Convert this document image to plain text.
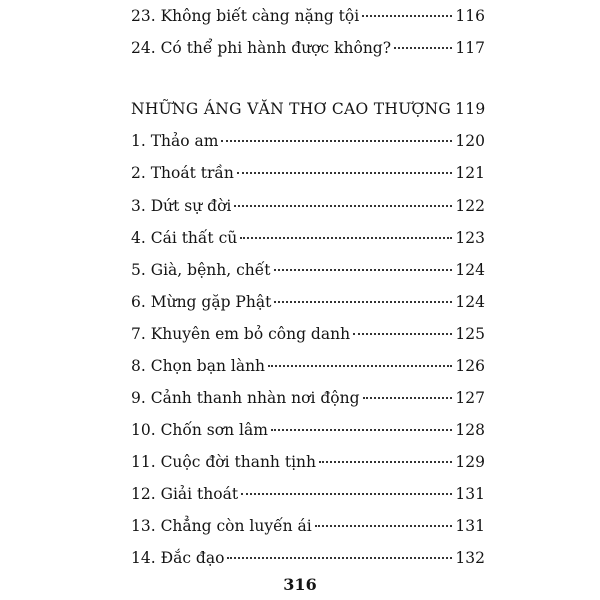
23. Không biết càng nặng tội	116
24. Có thể phi hành được không?	117
NHỮNG ÁNG VĂN THƠ CAO THƯỢNG 119
1. Thảo am	120
2. Thoát trần	121
3. Dứt sự đời	122
4. Cái thất cũ	123
5. Già, bệnh, chết	124
6. Mừng gặp Phật	124
7. Khuyên em bỏ công danh	125
8. Chọn bạn lành	126
9. Cảnh thanh nhàn nơi động	127
10. Chốn sơn lâm	128
11. Cuộc đời thanh tịnh	129
12. Giải thoát	131
13. Chẳng còn luyến ái	131
14. Đắc đạo	132
316
